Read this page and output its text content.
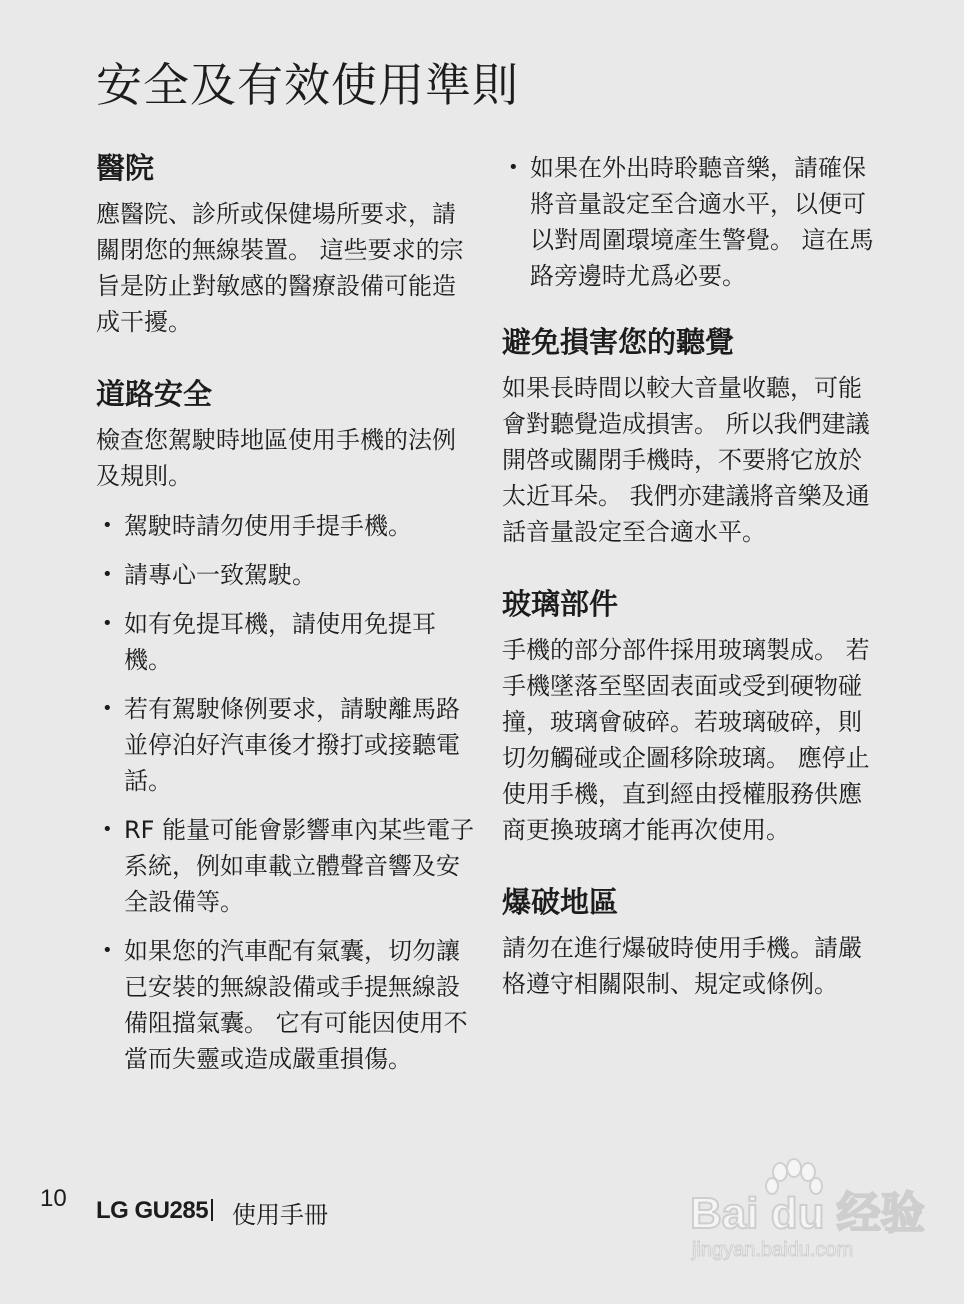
安全及有效使用準則
醫院

應醫院、診所或保健場所要求，請關閉您的無線裝置。 這些要求的宗旨是防止對敏感的醫療設備可能造成干擾。

道路安全

檢查您駕駛時地區使用手機的法例及規則。

• 駕駛時請勿使用手提手機。
• 請專心一致駕駛。
• 如有免提耳機，請使用免提耳機。
• 若有駕駛條例要求，請駛離馬路並停泊好汽車後才撥打或接聽電話。
• RF 能量可能會影響車內某些電子系統，例如車載立體聲音響及安全設備等。
• 如果您的汽車配有氣囊，切勿讓已安裝的無線設備或手提無線設備阻擋氣囊。 它有可能因使用不當而失靈或造成嚴重損傷。
• 如果在外出時聆聽音樂，請確保將音量設定至合適水平，以便可以對周圍環境產生警覺。 這在馬路旁邊時尤爲必要。
避免損害您的聽覺

如果長時間以較大音量收聽，可能會對聽覺造成損害。 所以我們建議開啓或關閉手機時，不要將它放於太近耳朵。 我們亦建議將音樂及通話音量設定至合適水平。

玻璃部件

手機的部分部件採用玻璃製成。 若手機墜落至堅固表面或受到硬物碰撞，玻璃會破碎。若玻璃破碎，則切勿觸碰或企圖移除玻璃。 應停止使用手機，直到經由授權服務供應商更換玻璃才能再次使用。

爆破地區

請勿在進行爆破時使用手機。請嚴格遵守相關限制、規定或條例。

10 LG GU285 使用手冊	Bai du 经验
jingyan.baidu.com
